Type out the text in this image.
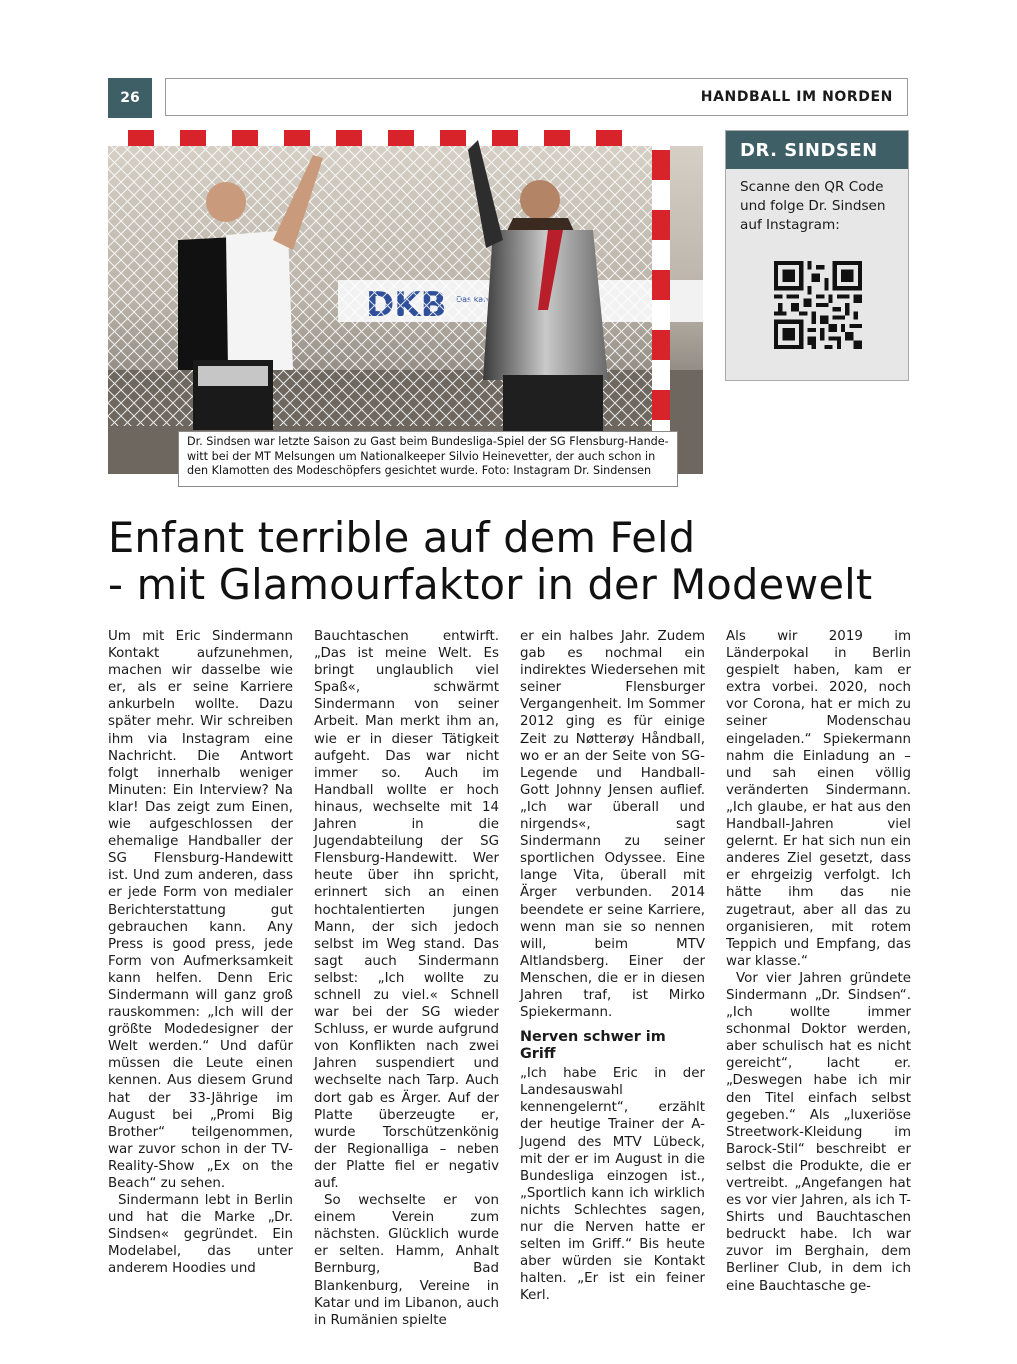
26	HANDBALL IM NORDEN
Dr. Sindsen war letzte Saison zu Gast beim Bundesliga-Spiel der SG Flensburg-Hande-
witt bei der MT Melsungen um Nationalkeeper Silvio Heinevetter, der auch schon in
den Klamotten des Modeschöpfers gesichtet wurde. Foto: Instagram Dr. Sindensen
DR. SINDSEN
Scanne den QR Code
und folge Dr. Sindsen
auf Instagram:
Enfant terrible auf dem Feld
- mit Glamourfaktor in der Modewelt

Um mit Eric Sindermann Kontakt aufzunehmen, machen wir dasselbe wie er, als er seine Karriere ankurbeln wollte. Dazu später mehr. Wir schreiben ihm via Instagram eine Nachricht. Die Antwort folgt innerhalb weniger Minuten: Ein Interview? Na klar! Das zeigt zum Einen, wie aufgeschlossen der ehemalige Handballer der SG Flensburg-Handewitt ist. Und zum anderen, dass er jede Form von medialer Berichterstattung gut gebrauchen kann. Any Press is good press, jede Form von Aufmerksamkeit kann helfen. Denn Eric Sindermann will ganz groß rauskommen: „Ich will der größte Modedesigner der Welt werden.“ Und dafür müssen die Leute einen kennen. Aus diesem Grund hat der 33-Jährige im August bei „Promi Big Brother“ teilgenommen, war zuvor schon in der TV-Reality-Show „Ex on the Beach“ zu sehen.

Sindermann lebt in Berlin und hat die Marke „Dr. Sindsen« gegründet. Ein Modelabel, das unter anderem Hoodies und

Bauchtaschen entwirft. „Das ist meine Welt. Es bringt unglaublich viel Spaß«, schwärmt Sindermann von seiner Arbeit. Man merkt ihm an, wie er in dieser Tätigkeit aufgeht. Das war nicht immer so. Auch im Handball wollte er hoch hinaus, wechselte mit 14 Jahren in die Jugendabteilung der SG Flensburg-Handewitt. Wer heute über ihn spricht, erinnert sich an einen hochtalentierten jungen Mann, der sich jedoch selbst im Weg stand. Das sagt auch Sindermann selbst: „Ich wollte zu schnell zu viel.« Schnell war bei der SG wieder Schluss, er wurde aufgrund von Konflikten nach zwei Jahren suspendiert und wechselte nach Tarp. Auch dort gab es Ärger. Auf der Platte überzeugte er, wurde Torschützenkönig der Regionalliga – neben der Platte fiel er negativ auf.

So wechselte er von einem Verein zum nächsten. Glücklich wurde er selten. Hamm, Anhalt Bernburg, Bad Blankenburg, Vereine in Katar und im Libanon, auch in Rumänien spielte

er ein halbes Jahr. Zudem gab es nochmal ein indirektes Wiedersehen mit seiner Flensburger Vergangenheit. Im Sommer 2012 ging es für einige Zeit zu Nøtterøy Håndball, wo er an der Seite von SG-Legende und Handball-Gott Johnny Jensen auflief. „Ich war überall und nirgends«, sagt Sindermann zu seiner sportlichen Odyssee. Eine lange Vita, überall mit Ärger verbunden. 2014 beendete er seine Karriere, wenn man sie so nennen will, beim MTV Altlandsberg. Einer der Menschen, die er in diesen Jahren traf, ist Mirko Spiekermann.

Nerven schwer im Griff

„Ich habe Eric in der Landesauswahl kennengelernt“, erzählt der heutige Trainer der A-Jugend des MTV Lübeck, mit der er im August in die Bundesliga einzogen ist., „Sportlich kann ich wirklich nichts Schlechtes sagen, nur die Nerven hatte er selten im Griff.“ Bis heute aber würden sie Kontakt halten. „Er ist ein feiner Kerl.

Als wir 2019 im Länderpokal in Berlin gespielt haben, kam er extra vorbei. 2020, noch vor Corona, hat er mich zu seiner Modenschau eingeladen.“ Spiekermann nahm die Einladung an – und sah einen völlig veränderten Sindermann. „Ich glaube, er hat aus den Handball-Jahren viel gelernt. Er hat sich nun ein anderes Ziel gesetzt, dass er ehrgeizig verfolgt. Ich hätte ihm das nie zugetraut, aber all das zu organisieren, mit rotem Teppich und Empfang, das war klasse.“

Vor vier Jahren gründete Sindermann „Dr. Sindsen“. „Ich wollte immer schonmal Doktor werden, aber schulisch hat es nicht gereicht“, lacht er. „Deswegen habe ich mir den Titel einfach selbst gegeben.“ Als „luxeriöse Streetwork-Kleidung im Barock-Stil“ beschreibt er selbst die Produkte, die er vertreibt. „Angefangen hat es vor vier Jahren, als ich T-Shirts und Bauchtaschen bedruckt habe. Ich war zuvor im Berghain, dem Berliner Club, in dem ich eine Bauchtasche ge-
